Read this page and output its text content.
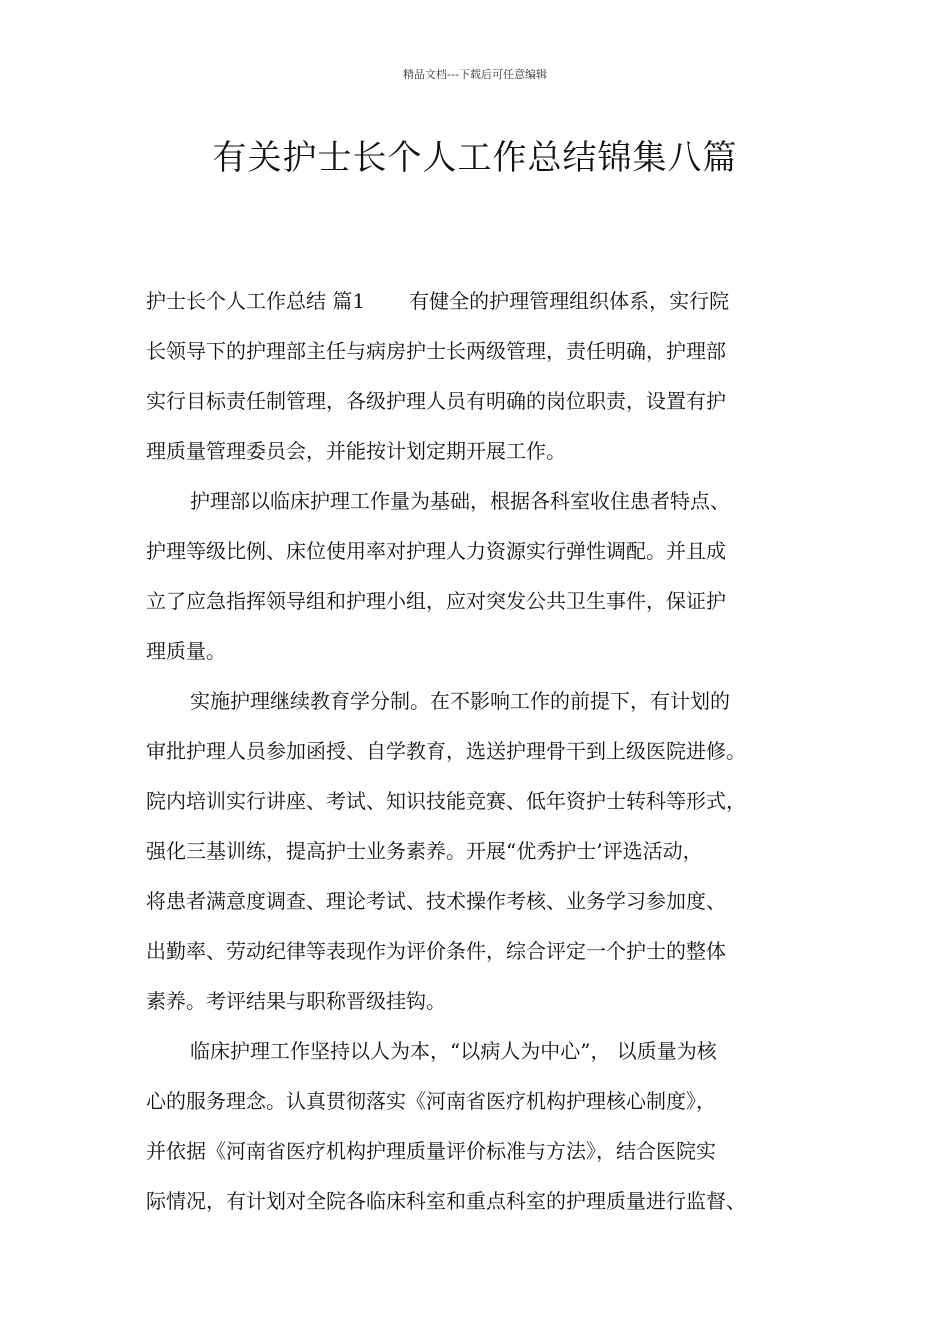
精品文档---下载后可任意编辑
有关护士长个人工作总结锦集八篇
护士长个人工作总结 篇1 有健全的护理管理组织体系，实行院
长领导下的护理部主任与病房护士长两级管理，责任明确，护理部
实行目标责任制管理，各级护理人员有明确的岗位职责，设置有护
理质量管理委员会，并能按计划定期开展工作。
护理部以临床护理工作量为基础，根据各科室收住患者特点、
护理等级比例、床位使用率对护理人力资源实行弹性调配。并且成
立了应急指挥领导组和护理小组，应对突发公共卫生事件，保证护
理质量。
实施护理继续教育学分制。在不影响工作的前提下，有计划的
审批护理人员参加函授、自学教育，选送护理骨干到上级医院进修。
院内培训实行讲座、考试、知识技能竞赛、低年资护士转科等形式，
强化三基训练，提高护士业务素养。开展“优秀护士’评选活动，
将患者满意度调查、理论考试、技术操作考核、业务学习参加度、
出勤率、劳动纪律等表现作为评价条件，综合评定一个护士的整体
素养。考评结果与职称晋级挂钩。
临床护理工作坚持以人为本，“以病人为中心”， 以质量为核
心的服务理念。认真贯彻落实《河南省医疗机构护理核心制度》，
并依据《河南省医疗机构护理质量评价标准与方法》，结合医院实
际情况，有计划对全院各临床科室和重点科室的护理质量进行监督、
